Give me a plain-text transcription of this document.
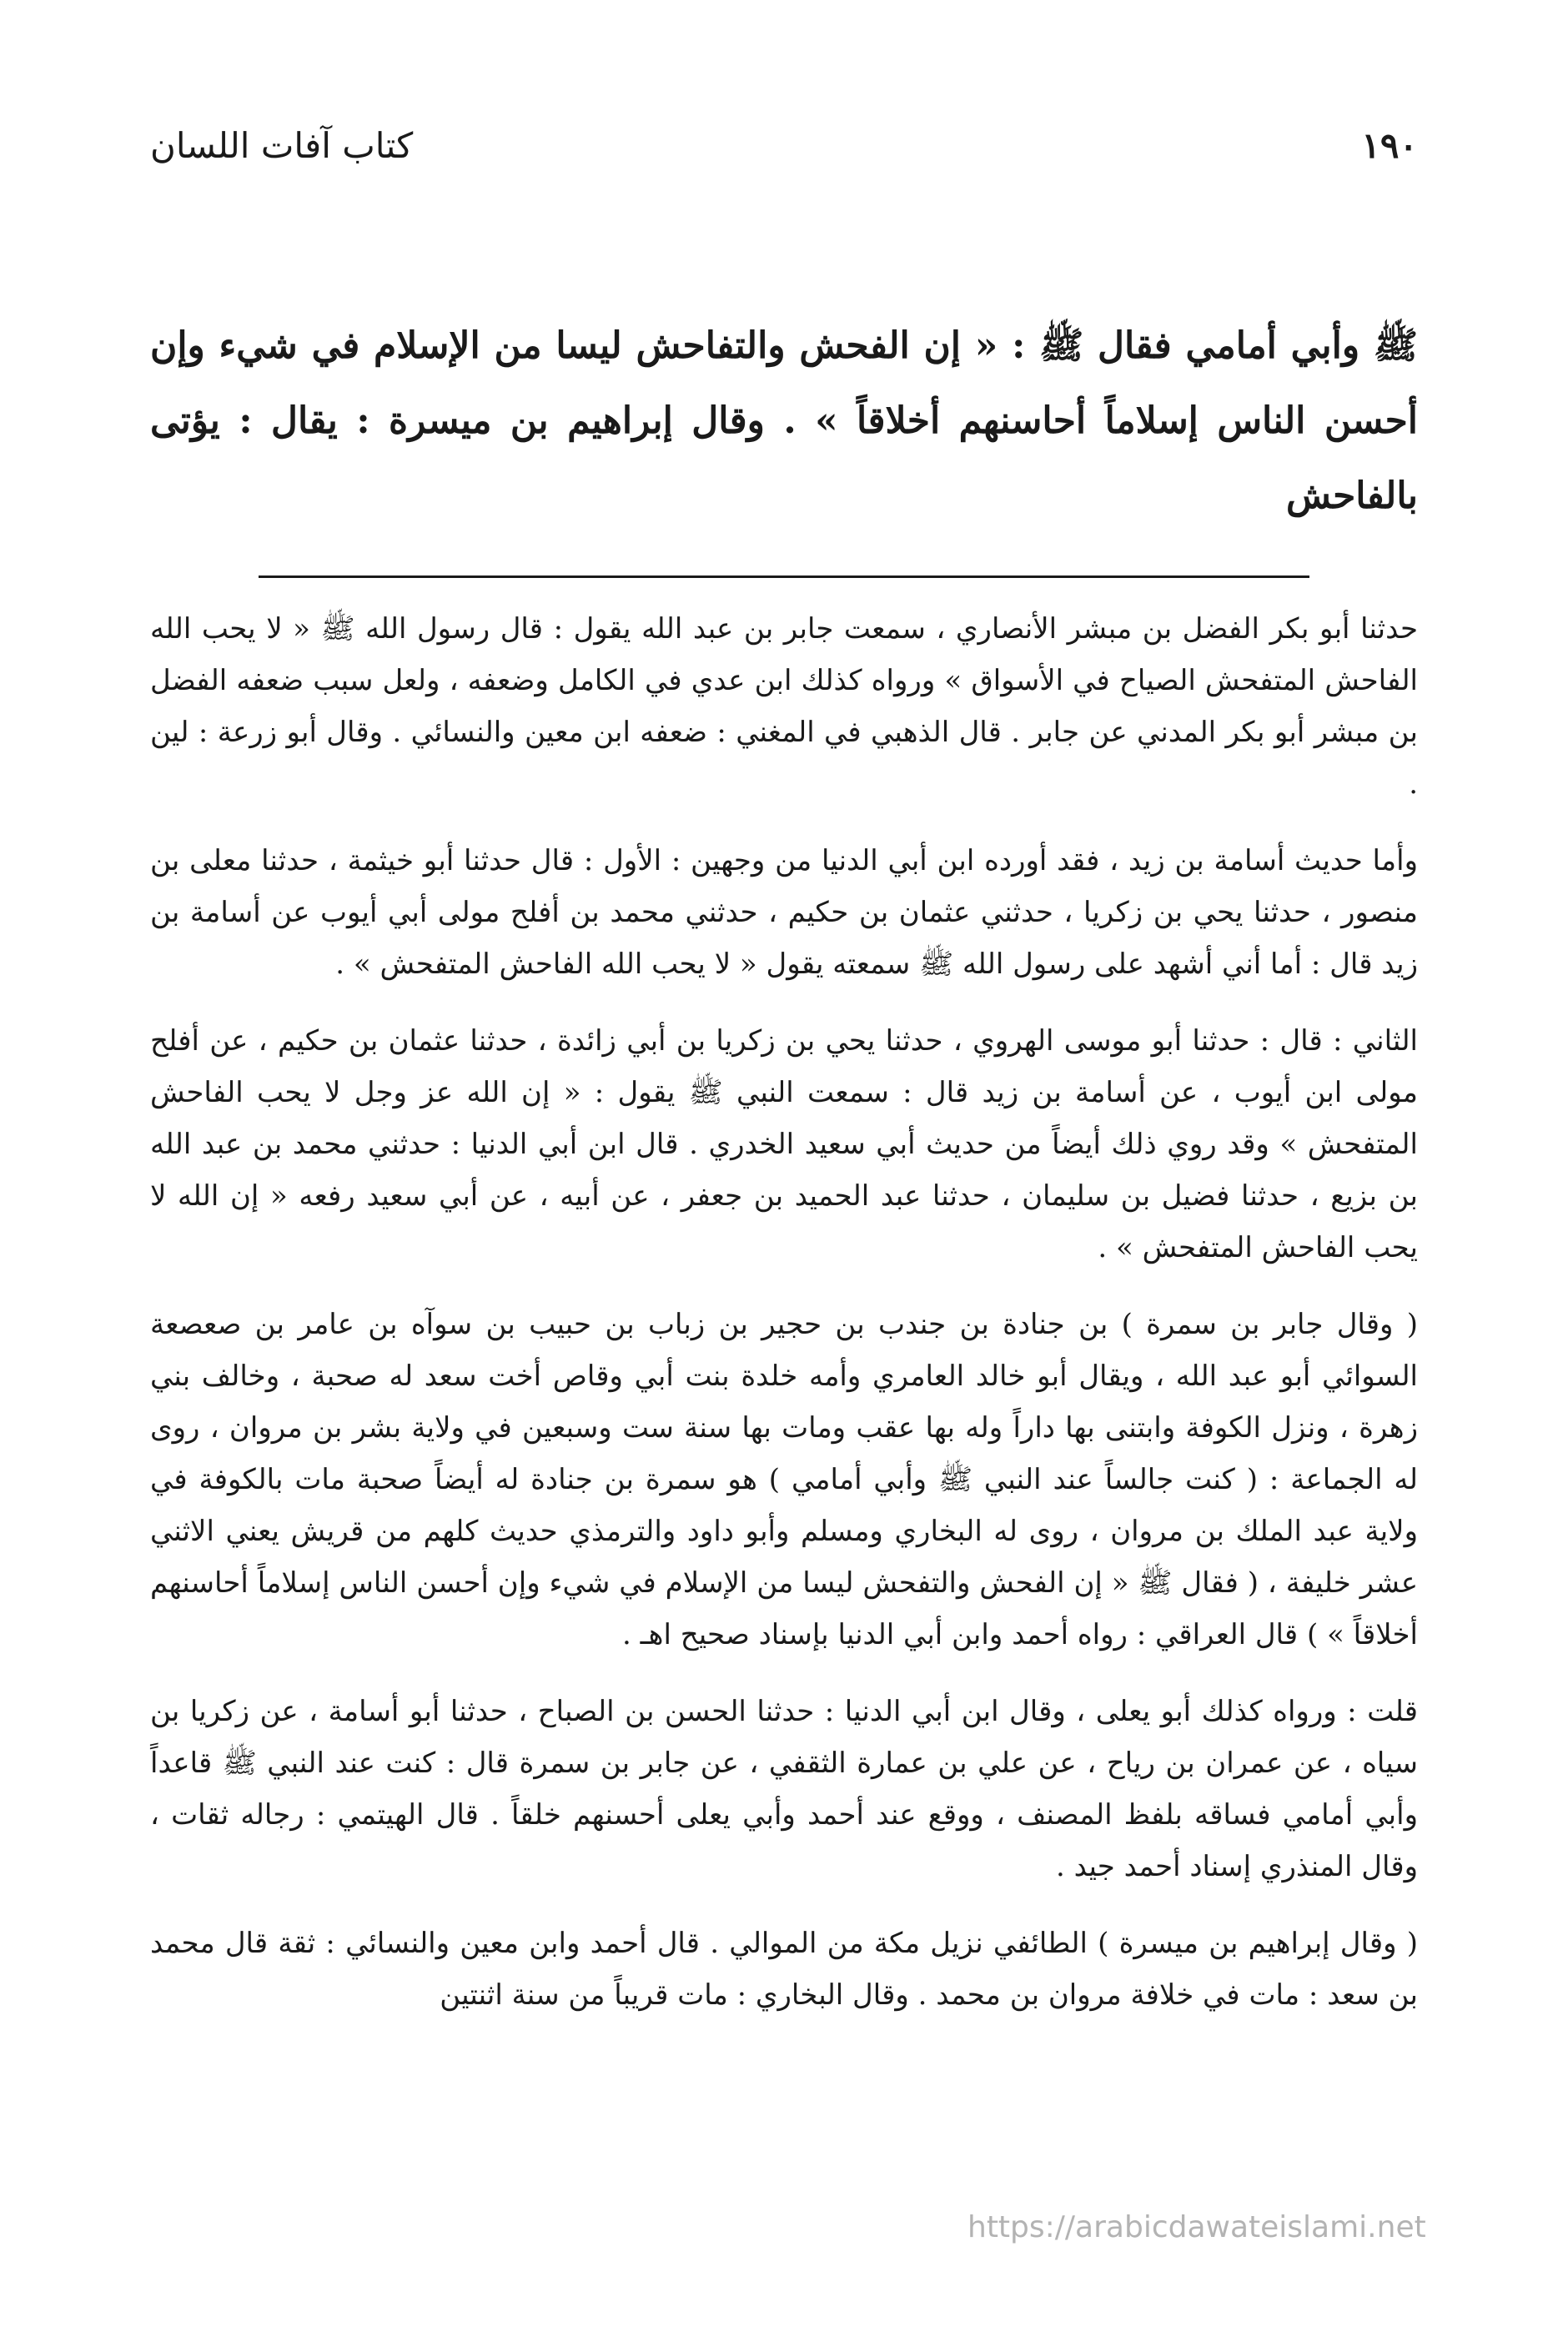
١٩٠
كتاب آفات اللسان

ﷺ وأبي أمامي فقال ﷺ : « إن الفحش والتفاحش ليسا من الإسلام في شيء وإن أحسن الناس إسلاماً أحاسنهم أخلاقاً » . وقال إبراهيم بن ميسرة : يقال : يؤتى بالفاحش

حدثنا أبو بكر الفضل بن مبشر الأنصاري ، سمعت جابر بن عبد الله يقول : قال رسول الله ﷺ « لا يحب الله الفاحش المتفحش الصياح في الأسواق » ورواه كذلك ابن عدي في الكامل وضعفه ، ولعل سبب ضعفه الفضل بن مبشر أبو بكر المدني عن جابر . قال الذهبي في المغني : ضعفه ابن معين والنسائي . وقال أبو زرعة : لين .

وأما حديث أسامة بن زيد ، فقد أورده ابن أبي الدنيا من وجهين : الأول : قال حدثنا أبو خيثمة ، حدثنا معلى بن منصور ، حدثنا يحي بن زكريا ، حدثني عثمان بن حكيم ، حدثني محمد بن أفلح مولى أبي أيوب عن أسامة بن زيد قال : أما أني أشهد على رسول الله ﷺ سمعته يقول « لا يحب الله الفاحش المتفحش » .

الثاني : قال : حدثنا أبو موسى الهروي ، حدثنا يحي بن زكريا بن أبي زائدة ، حدثنا عثمان بن حكيم ، عن أفلح مولى ابن أيوب ، عن أسامة بن زيد قال : سمعت النبي ﷺ يقول : « إن الله عز وجل لا يحب الفاحش المتفحش » وقد روي ذلك أيضاً من حديث أبي سعيد الخدري . قال ابن أبي الدنيا : حدثني محمد بن عبد الله بن بزيع ، حدثنا فضيل بن سليمان ، حدثنا عبد الحميد بن جعفر ، عن أبيه ، عن أبي سعيد رفعه « إن الله لا يحب الفاحش المتفحش » .

( وقال جابر بن سمرة ) بن جنادة بن جندب بن حجير بن زباب بن حبيب بن سوآه بن عامر بن صعصعة السوائي أبو عبد الله ، ويقال أبو خالد العامري وأمه خلدة بنت أبي وقاص أخت سعد له صحبة ، وخالف بني زهرة ، ونزل الكوفة وابتنى بها داراً وله بها عقب ومات بها سنة ست وسبعين في ولاية بشر بن مروان ، روى له الجماعة : ( كنت جالساً عند النبي ﷺ وأبي أمامي ) هو سمرة بن جنادة له أيضاً صحبة مات بالكوفة في ولاية عبد الملك بن مروان ، روى له البخاري ومسلم وأبو داود والترمذي حديث كلهم من قريش يعني الاثني عشر خليفة ، ( فقال ﷺ « إن الفحش والتفحش ليسا من الإسلام في شيء وإن أحسن الناس إسلاماً أحاسنهم أخلاقاً » ) قال العراقي : رواه أحمد وابن أبي الدنيا بإسناد صحيح اهـ .

قلت : ورواه كذلك أبو يعلى ، وقال ابن أبي الدنيا : حدثنا الحسن بن الصباح ، حدثنا أبو أسامة ، عن زكريا بن سياه ، عن عمران بن رياح ، عن علي بن عمارة الثقفي ، عن جابر بن سمرة قال : كنت عند النبي ﷺ قاعداً وأبي أمامي فساقه بلفظ المصنف ، ووقع عند أحمد وأبي يعلى أحسنهم خلقاً . قال الهيتمي : رجاله ثقات ، وقال المنذري إسناد أحمد جيد .

( وقال إبراهيم بن ميسرة ) الطائفي نزيل مكة من الموالي . قال أحمد وابن معين والنسائي : ثقة قال محمد بن سعد : مات في خلافة مروان بن محمد . وقال البخاري : مات قريباً من سنة اثنتين

https://arabicdawateislami.net
